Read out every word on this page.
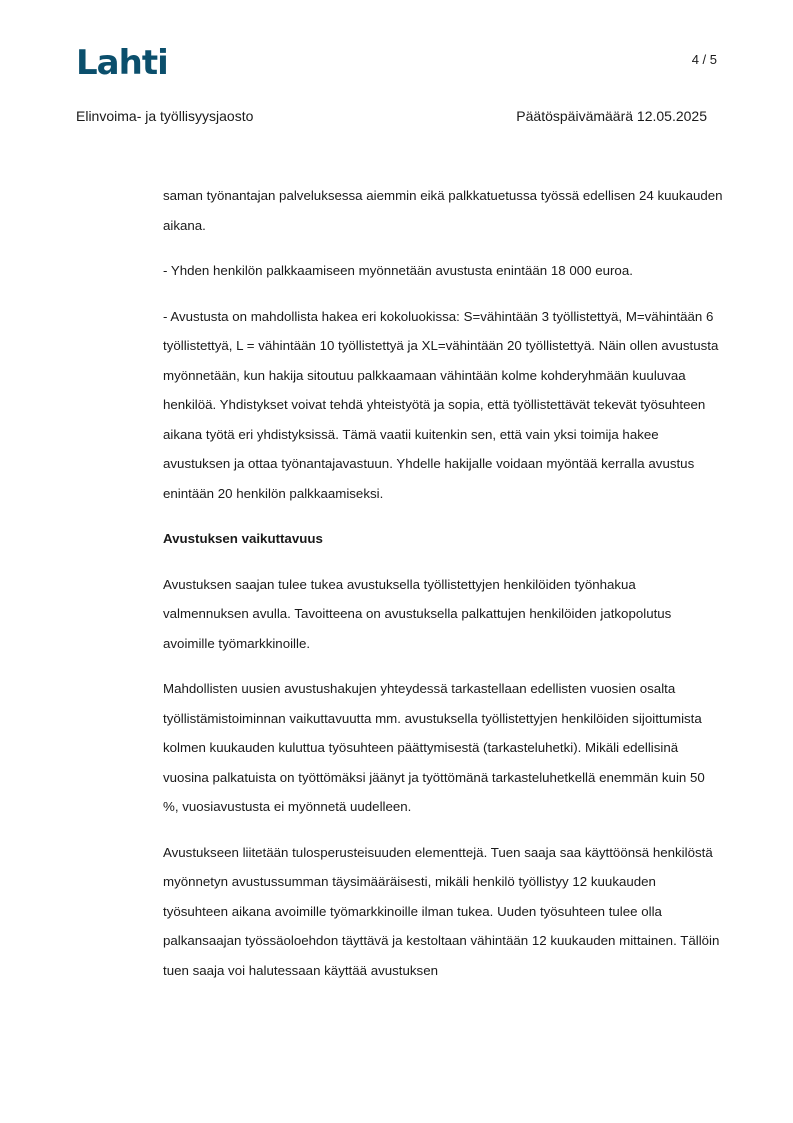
Lahti	4 / 5
Elinvoima- ja työllisyysjaosto	Päätöspäivämäärä 12.05.2025

saman työnantajan palveluksessa aiemmin eikä palkkatuetussa työssä edellisen 24 kuukauden aikana.

- Yhden henkilön palkkaamiseen myönnetään avustusta enintään 18 000 euroa.

- Avustusta on mahdollista hakea eri kokoluokissa: S=vähintään 3 työllistettyä, M=vähintään 6 työllistettyä, L = vähintään 10 työllistettyä ja XL=vähintään 20 työllistettyä. Näin ollen avustusta myönnetään, kun hakija sitoutuu palkkaamaan vähintään kolme kohderyhmään kuuluvaa henkilöä. Yhdistykset voivat tehdä yhteistyötä ja sopia, että työllistettävät tekevät työsuhteen aikana työtä eri yhdistyksissä. Tämä vaatii kuitenkin sen, että vain yksi toimija hakee avustuksen ja ottaa työnantajavastuun. Yhdelle hakijalle voidaan myöntää kerralla avustus enintään 20 henkilön palkkaamiseksi.

Avustuksen vaikuttavuus

Avustuksen saajan tulee tukea avustuksella työllistettyjen henkilöiden työnhakua valmennuksen avulla. Tavoitteena on avustuksella palkattujen henkilöiden jatkopolutus avoimille työmarkkinoille.

Mahdollisten uusien avustushakujen yhteydessä tarkastellaan edellisten vuosien osalta työllistämistoiminnan vaikuttavuutta mm. avustuksella työllistettyjen henkilöiden sijoittumista kolmen kuukauden kuluttua työsuhteen päättymisestä (tarkasteluhetki). Mikäli edellisinä vuosina palkatuista on työttömäksi jäänyt ja työttömänä tarkasteluhetkellä enemmän kuin 50 %, vuosiavustusta ei myönnetä uudelleen.

Avustukseen liitetään tulosperusteisuuden elementtejä. Tuen saaja saa käyttöönsä henkilöstä myönnetyn avustussumman täysimääräisesti, mikäli henkilö työllistyy 12 kuukauden työsuhteen aikana avoimille työmarkkinoille ilman tukea. Uuden työsuhteen tulee olla palkansaajan työssäoloehdon täyttävä ja kestoltaan vähintään 12 kuukauden mittainen. Tällöin tuen saaja voi halutessaan käyttää avustuksen
